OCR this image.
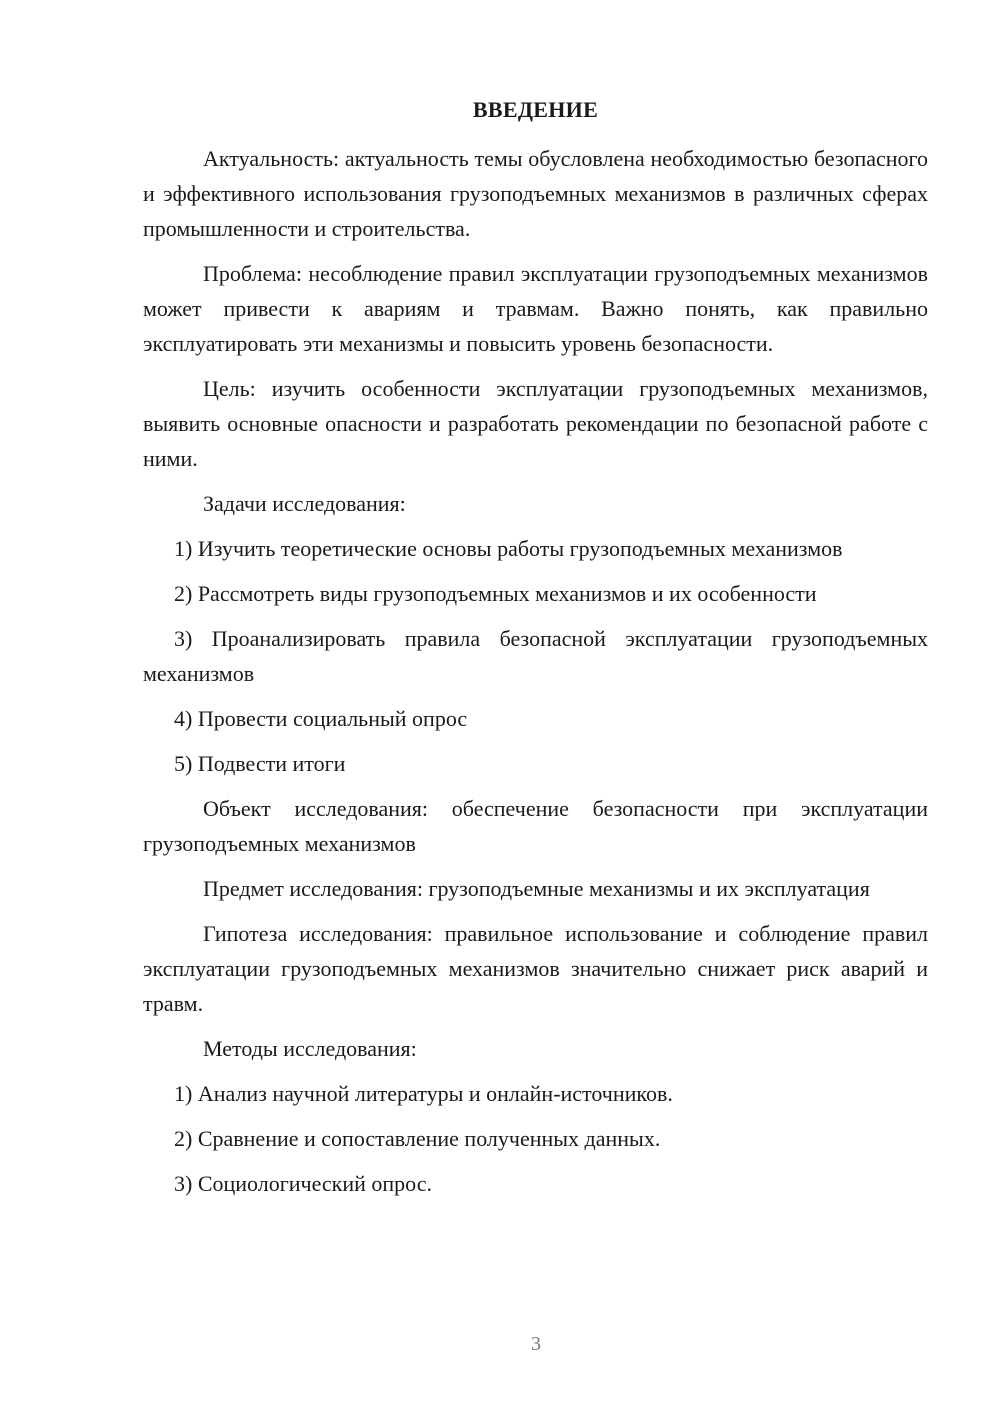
ВВЕДЕНИЕ

Актуальность: актуальность темы обусловлена необходимостью безопасного и эффективного использования грузоподъемных механизмов в различных сферах промышленности и строительства.

Проблема: несоблюдение правил эксплуатации грузоподъемных механизмов может привести к авариям и травмам. Важно понять, как правильно эксплуатировать эти механизмы и повысить уровень безопасности.

Цель: изучить особенности эксплуатации грузоподъемных механизмов, выявить основные опасности и разработать рекомендации по безопасной работе с ними.

Задачи исследования:

1) Изучить теоретические основы работы грузоподъемных механизмов

2) Рассмотреть виды грузоподъемных механизмов и их особенности

3) Проанализировать правила безопасной эксплуатации грузоподъемных механизмов

4) Провести социальный опрос

5) Подвести итоги

Объект исследования: обеспечение безопасности при эксплуатации грузоподъемных механизмов

Предмет исследования: грузоподъемные механизмы и их эксплуатация

Гипотеза исследования: правильное использование и соблюдение правил эксплуатации грузоподъемных механизмов значительно снижает риск аварий и травм.

Методы исследования:

1) Анализ научной литературы и онлайн-источников.

2) Сравнение и сопоставление полученных данных.

3) Социологический опрос.

3
